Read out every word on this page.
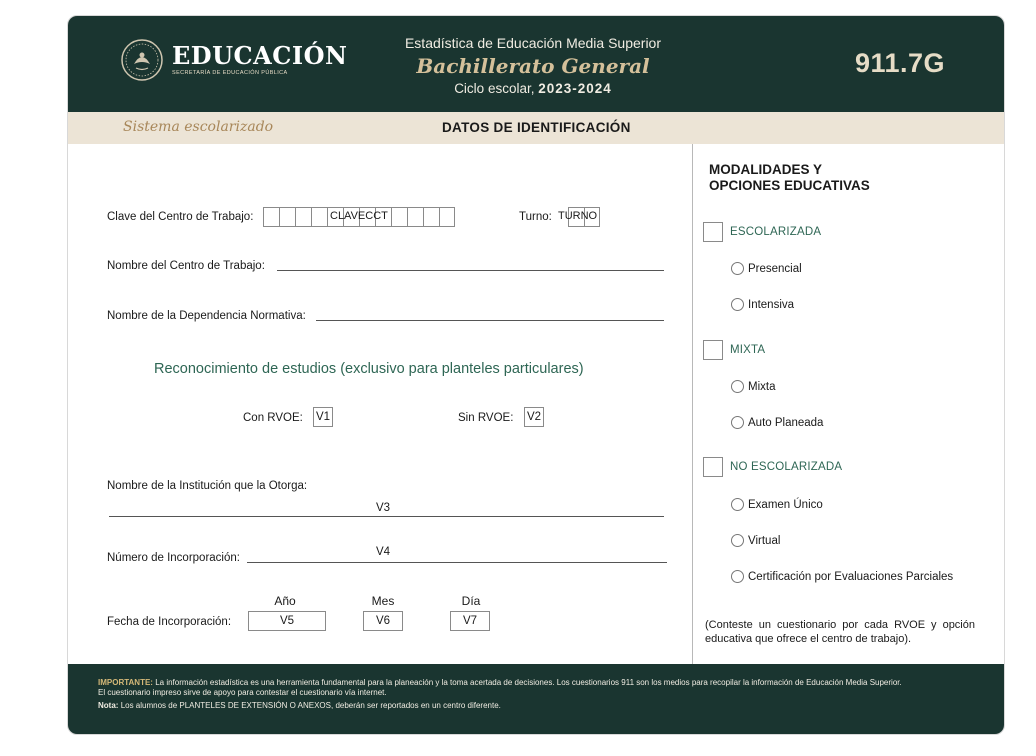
EDUCACIÓN
SECRETARÍA DE EDUCACIÓN PÚBLICA
Estadística de Educación Media Superior
Bachillerato General
Ciclo escolar, 2023-2024
911.7G
Sistema escolarizado	DATOS DE IDENTIFICACIÓN
Clave del Centro de Trabajo:	CLAVECCT	Turno: TURNO
Nombre del Centro de Trabajo:
Nombre de la Dependencia Normativa:
Reconocimiento de estudios (exclusivo para planteles particulares)
Con RVOE: V1	Sin RVOE: V2
Nombre de la Institución que la Otorga:
V3
Número de Incorporación:	V4
Año	Mes	Día
Fecha de Incorporación:	V5	V6	V7
MODALIDADES Y
OPCIONES EDUCATIVAS
ESCOLARIZADA
Presencial
Intensiva
MIXTA
Mixta
Auto Planeada
NO ESCOLARIZADA
Examen Único
Virtual
Certificación por Evaluaciones Parciales
(Conteste un cuestionario por cada RVOE y opción educativa que ofrece el centro de trabajo).

IMPORTANTE: La información estadística es una herramienta fundamental para la planeación y la toma acertada de decisiones. Los cuestionarios 911 son los medios para recopilar la información de Educación Media Superior.

El cuestionario impreso sirve de apoyo para contestar el cuestionario vía internet.

Nota: Los alumnos de PLANTELES DE EXTENSIÓN O ANEXOS, deberán ser reportados en un centro diferente.
